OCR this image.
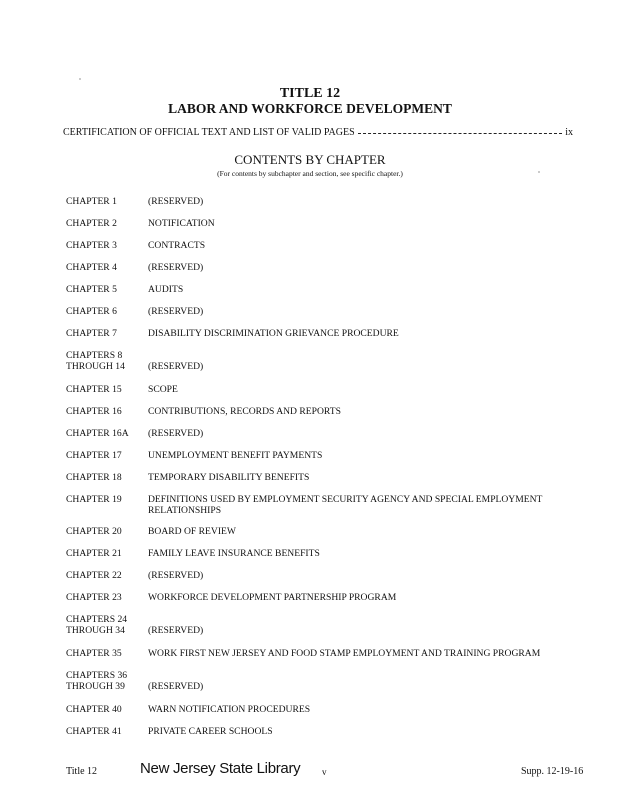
TITLE 12
LABOR AND WORKFORCE DEVELOPMENT
CERTIFICATION OF OFFICIAL TEXT AND LIST OF VALID PAGES	ix
CONTENTS BY CHAPTER
(For contents by subchapter and section, see specific chapter.)
CHAPTER 1	(RESERVED)
CHAPTER 2	NOTIFICATION
CHAPTER 3	CONTRACTS
CHAPTER 4	(RESERVED)
CHAPTER 5	AUDITS
CHAPTER 6	(RESERVED)
CHAPTER 7	DISABILITY DISCRIMINATION GRIEVANCE PROCEDURE
CHAPTERS 8
THROUGH 14	(RESERVED)
CHAPTER 15	SCOPE
CHAPTER 16	CONTRIBUTIONS, RECORDS AND REPORTS
CHAPTER 16A	(RESERVED)
CHAPTER 17	UNEMPLOYMENT BENEFIT PAYMENTS
CHAPTER 18	TEMPORARY DISABILITY BENEFITS
CHAPTER 19	DEFINITIONS USED BY EMPLOYMENT SECURITY AGENCY AND SPECIAL EMPLOYMENT RELATIONSHIPS
CHAPTER 20	BOARD OF REVIEW
CHAPTER 21	FAMILY LEAVE INSURANCE BENEFITS
CHAPTER 22	(RESERVED)
CHAPTER 23	WORKFORCE DEVELOPMENT PARTNERSHIP PROGRAM
CHAPTERS 24
THROUGH 34	(RESERVED)
CHAPTER 35	WORK FIRST NEW JERSEY AND FOOD STAMP EMPLOYMENT AND TRAINING PROGRAM
CHAPTERS 36
THROUGH 39	(RESERVED)
CHAPTER 40	WARN NOTIFICATION PROCEDURES
CHAPTER 41	PRIVATE CAREER SCHOOLS
Title 12	New Jersey State Library v	Supp. 12-19-16
